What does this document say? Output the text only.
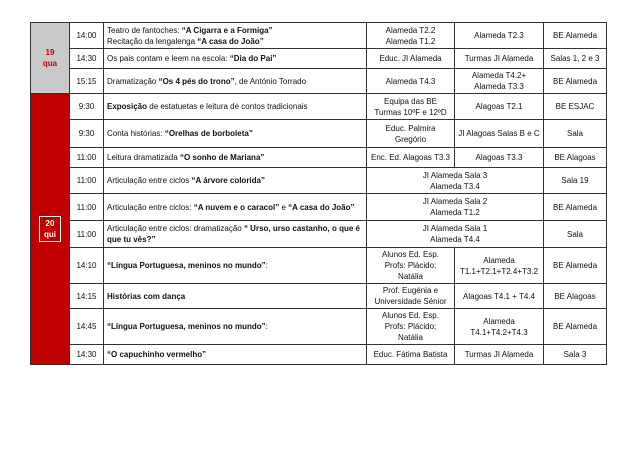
19
qua	14:00	Teatro de fantoches: “A Cigarra e a Formiga”
Recitação da lengalenga “A casa do João”	Alameda T2.2
Alameda T1.2	Alameda T2.3	BE Alameda
	14:30	Os pais contam e leem na escola: “Dia do Pai”	Educ. JI Alameda	Turmas JI Alameda	Salas 1, 2 e 3
	15:15	Dramatização “Os 4 pés do trono”, de António Torrado	Alameda T4.3	Alameda T4.2+
Alameda T3.3	BE Alameda

20
qui	9:30	Exposição de estatuetas e leitura de contos tradicionais	Equipa das BE
Turmas 10ºF e 12ºD	Alagoas T2.1	BE ESJAC
	9:30	Conta histórias: “Orelhas de borboleta”	Educ. Palmira
Gregório	JI Alagoas Salas B e C	Sala
	11:00	Leitura dramatizada “O sonho de Mariana”	Enc. Ed. Alagoas T3.3	Alagoas T3.3	BE Alagoas
	11:00	Articulação entre ciclos “A árvore colorida”	JI Alameda Sala 3
Alameda T3.4		Sala 19
	11:00	Articulação entre ciclos: “A nuvem e o caracol” e “A casa do João”	JI Alameda Sala 2
Alameda T1.2		BE Alameda
	11:00	Articulação entre ciclos: dramatização “ Urso, urso castanho, o que é que tu vês?”	JI Alameda Sala 1
Alameda T4.4		Sala
	14:10	“Língua Portuguesa, meninos no mundo”:	Alunos Ed. Esp.
Profs: Plácido;
Natália	Alameda
T1.1+T2.1+T2.4+T3.2	BE Alameda
	14:15	Histórias com dança	Prof. Eugénia e
Universidade Sénior	Alagoas T4.1 + T4.4	BE Alagoas
	14:45	“Língua Portuguesa, meninos no mundo”:	Alunos Ed. Esp.
Profs: Plácido;
Natália	Alameda
T4.1+T4.2+T4.3	BE Alameda
	14:30	“O capuchinho vermelho”	Educ. Fátima Batista	Turmas JI Alameda	Sala 3
